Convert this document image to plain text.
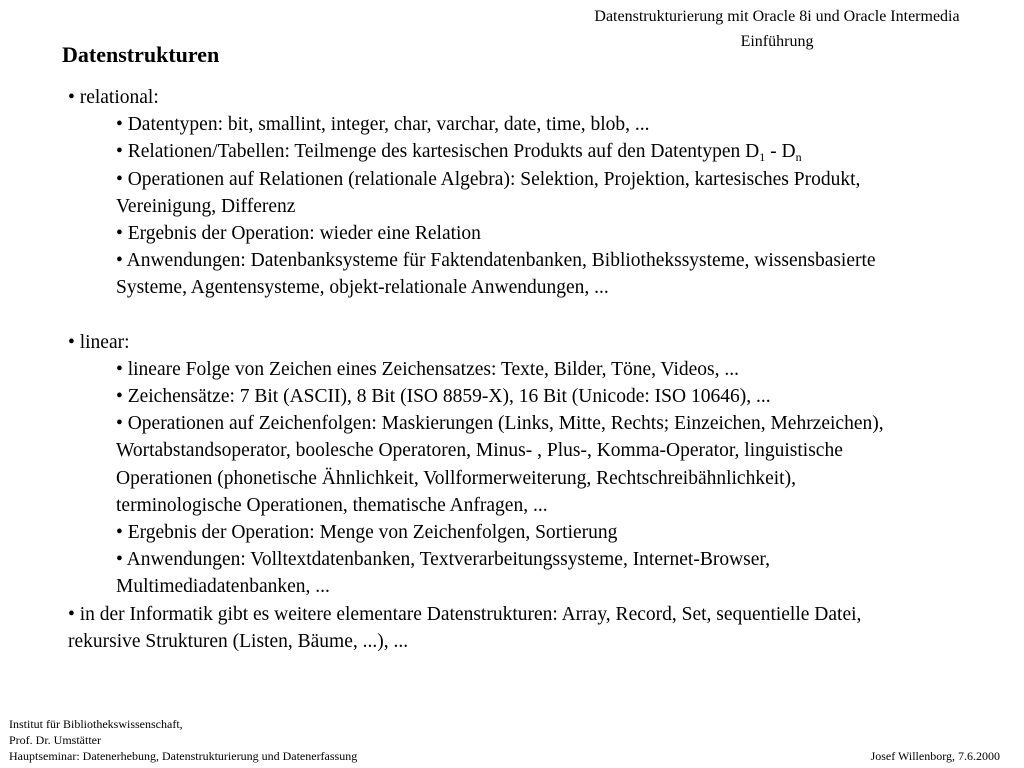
Datenstrukturierung mit Oracle 8i und Oracle Intermedia
Einführung
Datenstrukturen

• relational:

• Datentypen: bit, smallint, integer, char, varchar, date, time, blob, ...

• Relationen/Tabellen: Teilmenge des kartesischen Produkts auf den Datentypen $D_1 - D_n$

• Operationen auf Relationen (relationale Algebra): Selektion, Projektion, kartesisches Produkt,
Vereinigung, Differenz

• Ergebnis der Operation: wieder eine Relation

• Anwendungen: Datenbanksysteme für Faktendatenbanken, Bibliothekssysteme, wissensbasierte
Systeme, Agentensysteme, objekt-relationale Anwendungen, ...

• linear:

• lineare Folge von Zeichen eines Zeichensatzes: Texte, Bilder, Töne, Videos, ...

• Zeichensätze: 7 Bit (ASCII), 8 Bit (ISO 8859-X), 16 Bit (Unicode: ISO 10646), ...

• Operationen auf Zeichenfolgen: Maskierungen (Links, Mitte, Rechts; Einzeichen, Mehrzeichen),
Wortabstandsoperator, boolesche Operatoren, Minus- , Plus-, Komma-Operator, linguistische
Operationen (phonetische Ähnlichkeit, Vollformerweiterung, Rechtschreibähnlichkeit),
terminologische Operationen, thematische Anfragen, ...

• Ergebnis der Operation: Menge von Zeichenfolgen, Sortierung

• Anwendungen: Volltextdatenbanken, Textverarbeitungssysteme, Internet-Browser,
Multimediadatenbanken, ...

• in der Informatik gibt es weitere elementare Datenstrukturen: Array, Record, Set, sequentielle Datei,
rekursive Strukturen (Listen, Bäume, ...), ...

Institut für Bibliothekswissenschaft,
Prof. Dr. Umstätter
Hauptseminar: Datenerhebung, Datenstrukturierung und Datenerfassung	Josef Willenborg, 7.6.2000
